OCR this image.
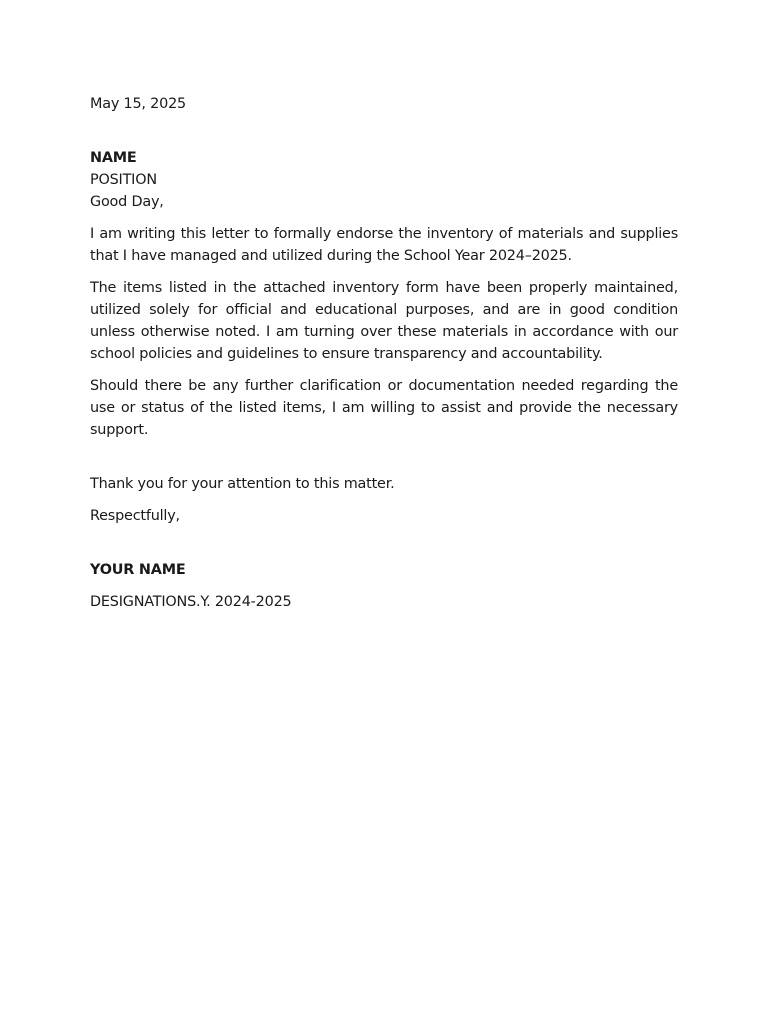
May 15, 2025

NAME

POSITION

Good Day,

I am writing this letter to formally endorse the inventory of materials and supplies that I have managed and utilized during the School Year 2024–2025.

The items listed in the attached inventory form have been properly maintained, utilized solely for official and educational purposes, and are in good condition unless otherwise noted. I am turning over these materials in accordance with our school policies and guidelines to ensure transparency and accountability.

Should there be any further clarification or documentation needed regarding the use or status of the listed items, I am willing to assist and provide the necessary support.

Thank you for your attention to this matter.

Respectfully,

YOUR NAME

DESIGNATIONS.Y. 2024-2025
